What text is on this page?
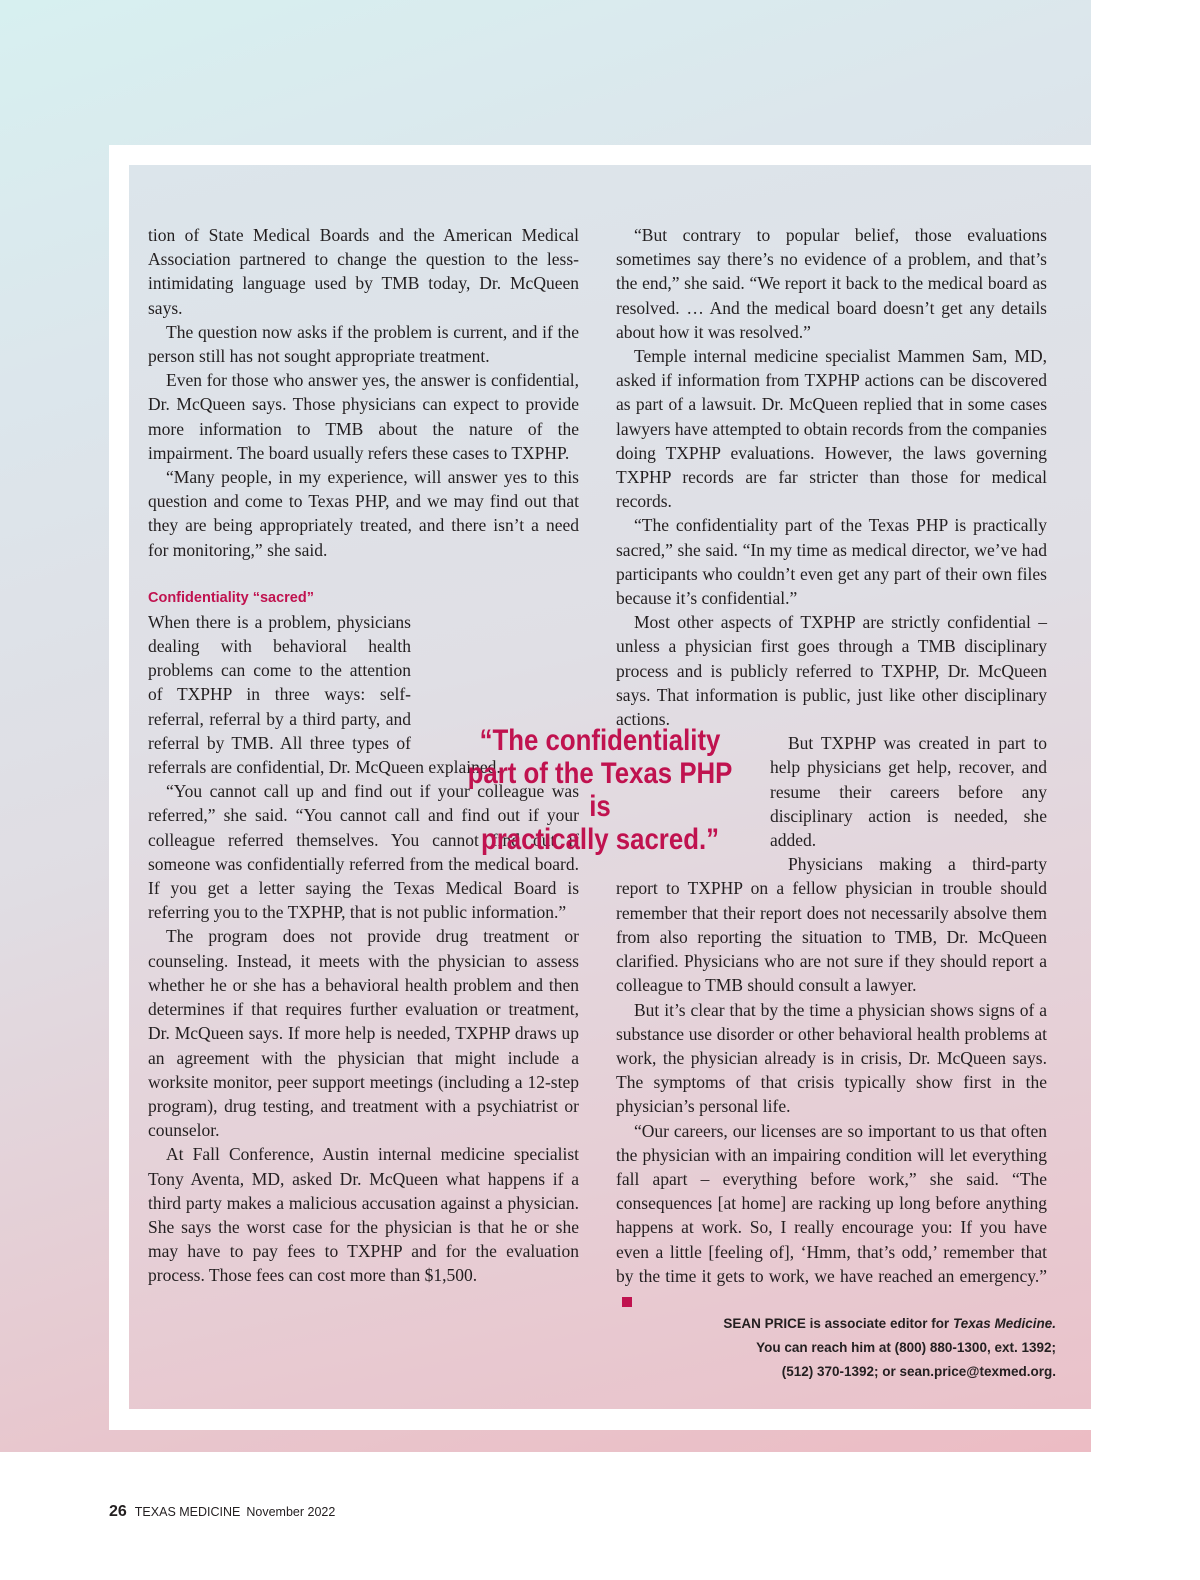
tion of State Medical Boards and the American Medical Association partnered to change the question to the less-intimidating language used by TMB today, Dr. McQueen says.

The question now asks if the problem is current, and if the person still has not sought appropriate treatment.

Even for those who answer yes, the answer is confidential, Dr. McQueen says. Those physicians can expect to provide more information to TMB about the nature of the impairment. The board usually refers these cases to TXPHP.

“Many people, in my experience, will answer yes to this question and come to Texas PHP, and we may find out that they are being appropriately treated, and there isn’t a need for monitoring,” she said.

Confidentiality “sacred”

When there is a problem, physicians dealing with behavioral health problems can come to the attention of TXPHP in three ways: self-referral, referral by a third party, and referral by TMB. All three types of referrals are confidential, Dr. McQueen explained.

“You cannot call up and find out if your colleague was referred,” she said. “You cannot call and find out if your colleague referred themselves. You cannot find out if someone was confidentially referred from the medical board. If you get a letter saying the Texas Medical Board is referring you to the TXPHP, that is not public information.”

The program does not provide drug treatment or counseling. Instead, it meets with the physician to assess whether he or she has a behavioral health problem and then determines if that requires further evaluation or treatment, Dr. McQueen says. If more help is needed, TXPHP draws up an agreement with the physician that might include a worksite monitor, peer support meetings (including a 12-step program), drug testing, and treatment with a psychiatrist or counselor.

At Fall Conference, Austin internal medicine specialist Tony Aventa, MD, asked Dr. McQueen what happens if a third party makes a malicious accusation against a physician. She says the worst case for the physician is that he or she may have to pay fees to TXPHP and for the evaluation process. Those fees can cost more than $1,500.

“But contrary to popular belief, those evaluations sometimes say there’s no evidence of a problem, and that’s the end,” she said. “We report it back to the medical board as resolved. … And the medical board doesn’t get any details about how it was resolved.”

Temple internal medicine specialist Mammen Sam, MD, asked if information from TXPHP actions can be discovered as part of a lawsuit. Dr. McQueen replied that in some cases lawyers have attempted to obtain records from the companies doing TXPHP evaluations. However, the laws governing TXPHP records are far stricter than those for medical records.

“The confidentiality part of the Texas PHP is practically sacred,” she said. “In my time as medical director, we’ve had participants who couldn’t even get any part of their own files because it’s confidential.”

Most other aspects of TXPHP are strictly confidential – unless a physician first goes through a TMB disciplinary process and is publicly referred to TXPHP, Dr. McQueen says. That information is public, just like other disciplinary actions.

But TXPHP was created in part to help physicians get help, recover, and resume their careers before any disciplinary action is needed, she added.

Physicians making a third-party report to TXPHP on a fellow physician in trouble should remember that their report does not necessarily absolve them from also reporting the situation to TMB, Dr. McQueen clarified. Physicians who are not sure if they should report a colleague to TMB should consult a lawyer.

But it’s clear that by the time a physician shows signs of a substance use disorder or other behavioral health problems at work, the physician already is in crisis, Dr. McQueen says. The symptoms of that crisis typically show first in the physician’s personal life.

“Our careers, our licenses are so important to us that often the physician with an impairing condition will let everything fall apart – everything before work,” she said. “The consequences [at home] are racking up long before anything happens at work. So, I really encourage you: If you have even a little [feeling of], ‘Hmm, that’s odd,’ remember that by the time it gets to work, we have reached an emergency.”

“The confidentiality
part of the Texas PHP is
practically sacred.”
SEAN PRICE is associate editor for Texas Medicine.
You can reach him at (800) 880-1300, ext. 1392;
(512) 370-1392; or sean.price@texmed.org.
26 TEXAS MEDICINE November 2022
